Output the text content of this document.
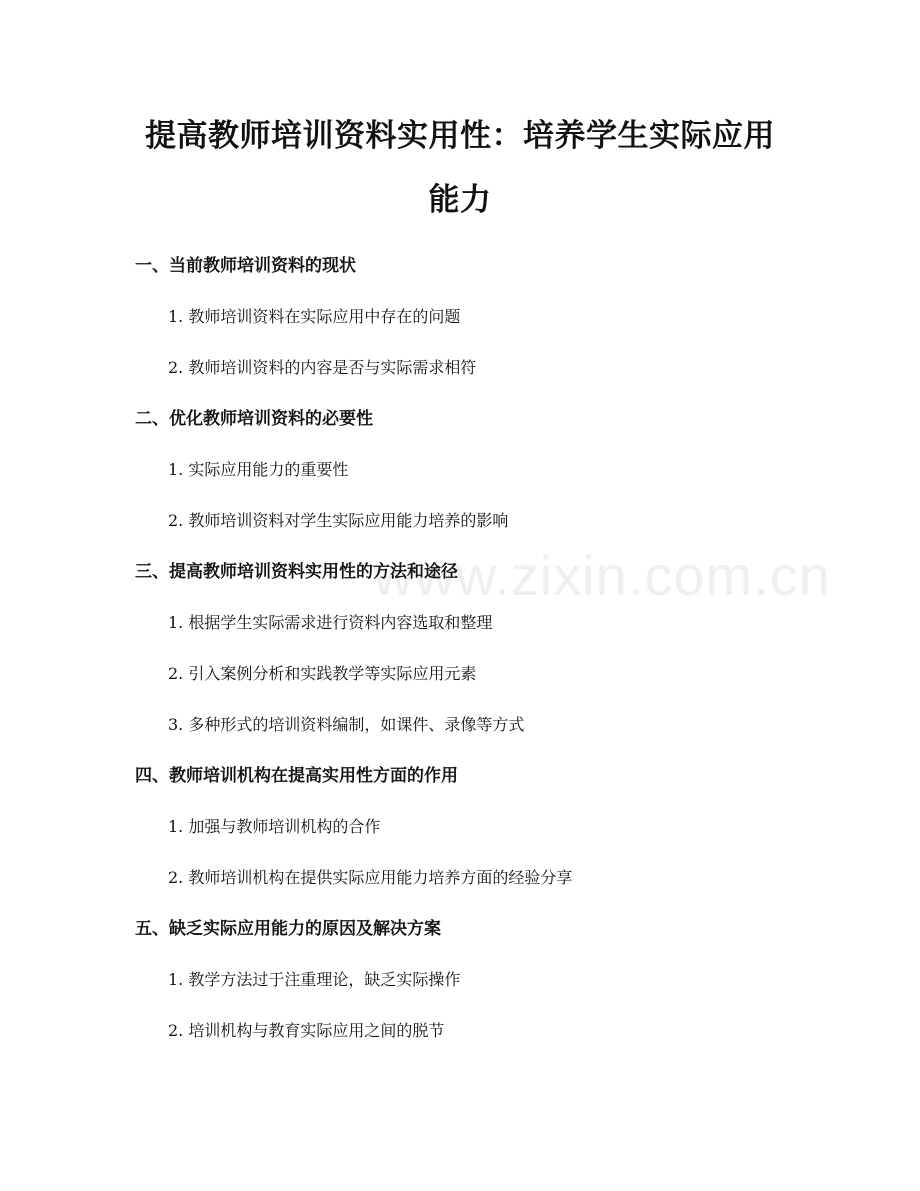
提高教师培训资料实用性：培养学生实际应用能力
www.zixin.com.cn
一、当前教师培训资料的现状

1. 教师培训资料在实际应用中存在的问题

2. 教师培训资料的内容是否与实际需求相符

二、优化教师培训资料的必要性

1. 实际应用能力的重要性

2. 教师培训资料对学生实际应用能力培养的影响

三、提高教师培训资料实用性的方法和途径

1. 根据学生实际需求进行资料内容选取和整理

2. 引入案例分析和实践教学等实际应用元素

3. 多种形式的培训资料编制，如课件、录像等方式

四、教师培训机构在提高实用性方面的作用

1. 加强与教师培训机构的合作

2. 教师培训机构在提供实际应用能力培养方面的经验分享

五、缺乏实际应用能力的原因及解决方案

1. 教学方法过于注重理论，缺乏实际操作

2. 培训机构与教育实际应用之间的脱节
